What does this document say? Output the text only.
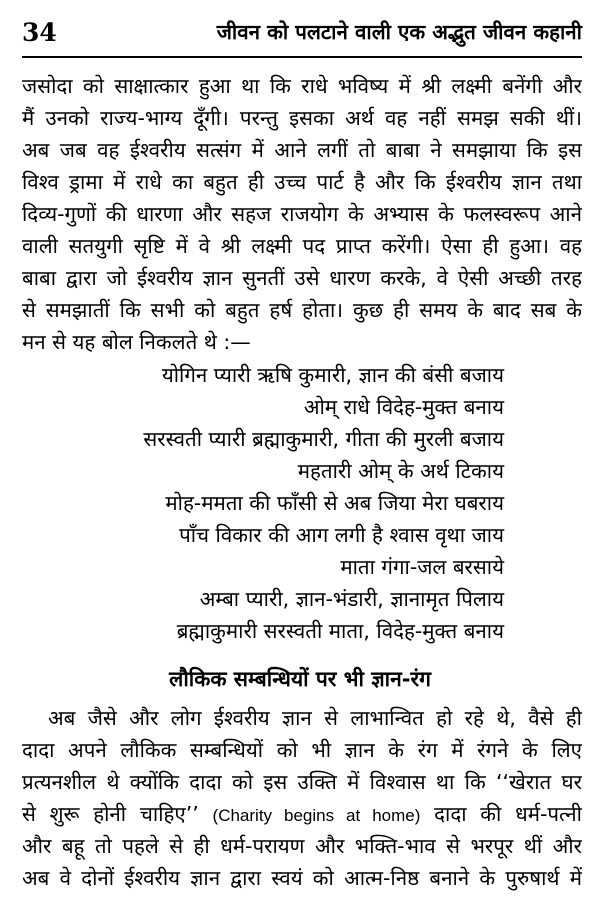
34	जीवन को पलटाने वाली एक अद्भुत जीवन कहानी
जसोदा को साक्षात्कार हुआ था कि राधे भविष्य में श्री लक्ष्मी बनेंगी और
मैं उनको राज्य-भाग्य दूँगी। परन्तु इसका अर्थ वह नहीं समझ सकी थीं।
अब जब वह ईश्वरीय सत्संग में आने लगीं तो बाबा ने समझाया कि इस
विश्व ड्रामा में राधे का बहुत ही उच्च पार्ट है और कि ईश्वरीय ज्ञान तथा
दिव्य-गुणों की धारणा और सहज राजयोग के अभ्यास के फलस्वरूप आने
वाली सतयुगी सृष्टि में वे श्री लक्ष्मी पद प्राप्त करेंगी। ऐसा ही हुआ। वह
बाबा द्वारा जो ईश्वरीय ज्ञान सुनतीं उसे धारण करके, वे ऐसी अच्छी तरह
से समझातीं कि सभी को बहुत हर्ष होता। कुछ ही समय के बाद सब के
मन से यह बोल निकलते थे :—
योगिन प्यारी ऋषि कुमारी, ज्ञान की बंसी बजाय
ओम् राधे विदेह-मुक्त बनाय
सरस्वती प्यारी ब्रह्माकुमारी, गीता की मुरली बजाय
महतारी ओम् के अर्थ टिकाय
मोह-ममता की फाँसी से अब जिया मेरा घबराय
पाँच विकार की आग लगी है श्वास वृथा जाय
माता गंगा-जल बरसाये
अम्बा प्यारी, ज्ञान-भंडारी, ज्ञानामृत पिलाय
ब्रह्माकुमारी सरस्वती माता, विदेह-मुक्त बनाय
लौकिक सम्बन्धियों पर भी ज्ञान-रंग
अब जैसे और लोग ईश्वरीय ज्ञान से लाभान्वित हो रहे थे, वैसे ही
दादा अपने लौकिक सम्बन्धियों को भी ज्ञान के रंग में रंगने के लिए
प्रत्यनशील थे क्योंकि दादा को इस उक्ति में विश्वास था कि ‘‘खेरात घर
से शुरू होनी चाहिए’’ (Charity begins at home) दादा की धर्म-पत्नी
और बहू तो पहले से ही धर्म-परायण और भक्ति-भाव से भरपूर थीं और
अब वे दोनों ईश्वरीय ज्ञान द्वारा स्वयं को आत्म-निष्ठ बनाने के पुरुषार्थ में
